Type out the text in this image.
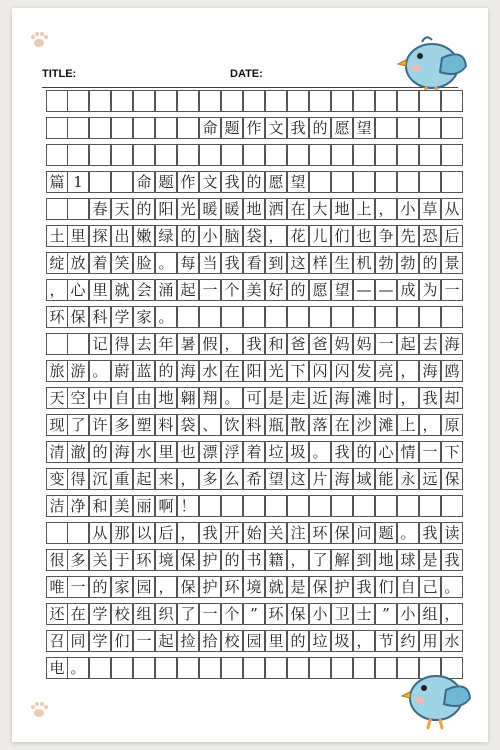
TITLE:	DATE:
命 题 作 文 我 的 愿 望
篇 1	命 题 作 文 我 的 愿 望
春 天 的 阳 光 暖 暖 地 洒 在 大 地 上 ， 小 草 从
土 里 探 出 嫩 绿 的 小 脑 袋 ， 花 儿 们 也 争 先 恐 后
绽 放 着 笑 脸 。 每 当 我 看 到 这 样 生 机 勃 勃 的 景
， 心 里 就 会 涌 起 一 个 美 好 的 愿 望 — — 成 为 一
环 保 科 学 家 。
记 得 去 年 暑 假 ， 我 和 爸 爸 妈 妈 一 起 去 海
旅 游 。 蔚 蓝 的 海 水 在 阳 光 下 闪 闪 发 亮 ， 海 鸥
天 空 中 自 由 地 翱 翔 。 可 是 走 近 海 滩 时 ， 我 却
现 了 许 多 塑 料 袋 、 饮 料 瓶 散 落 在 沙 滩 上 ， 原
清 澈 的 海 水 里 也 漂 浮 着 垃 圾 。 我 的 心 情 一 下
变 得 沉 重 起 来 ， 多 么 希 望 这 片 海 域 能 永 远 保
洁 净 和 美 丽 啊 ！
从 那 以 后 ， 我 开 始 关 注 环 保 问 题 。 我 读
很 多 关 于 环 境 保 护 的 书 籍 ， 了 解 到 地 球 是 我
唯 一 的 家 园 ， 保 护 环 境 就 是 保 护 我 们 自 己 。
还 在 学 校 组 织 了 一 个 ” 环 保 小 卫 士 ” 小 组 ，
召 同 学 们 一 起 捡 拾 校 园 里 的 垃 圾 ， 节 约 用 水
电 。
